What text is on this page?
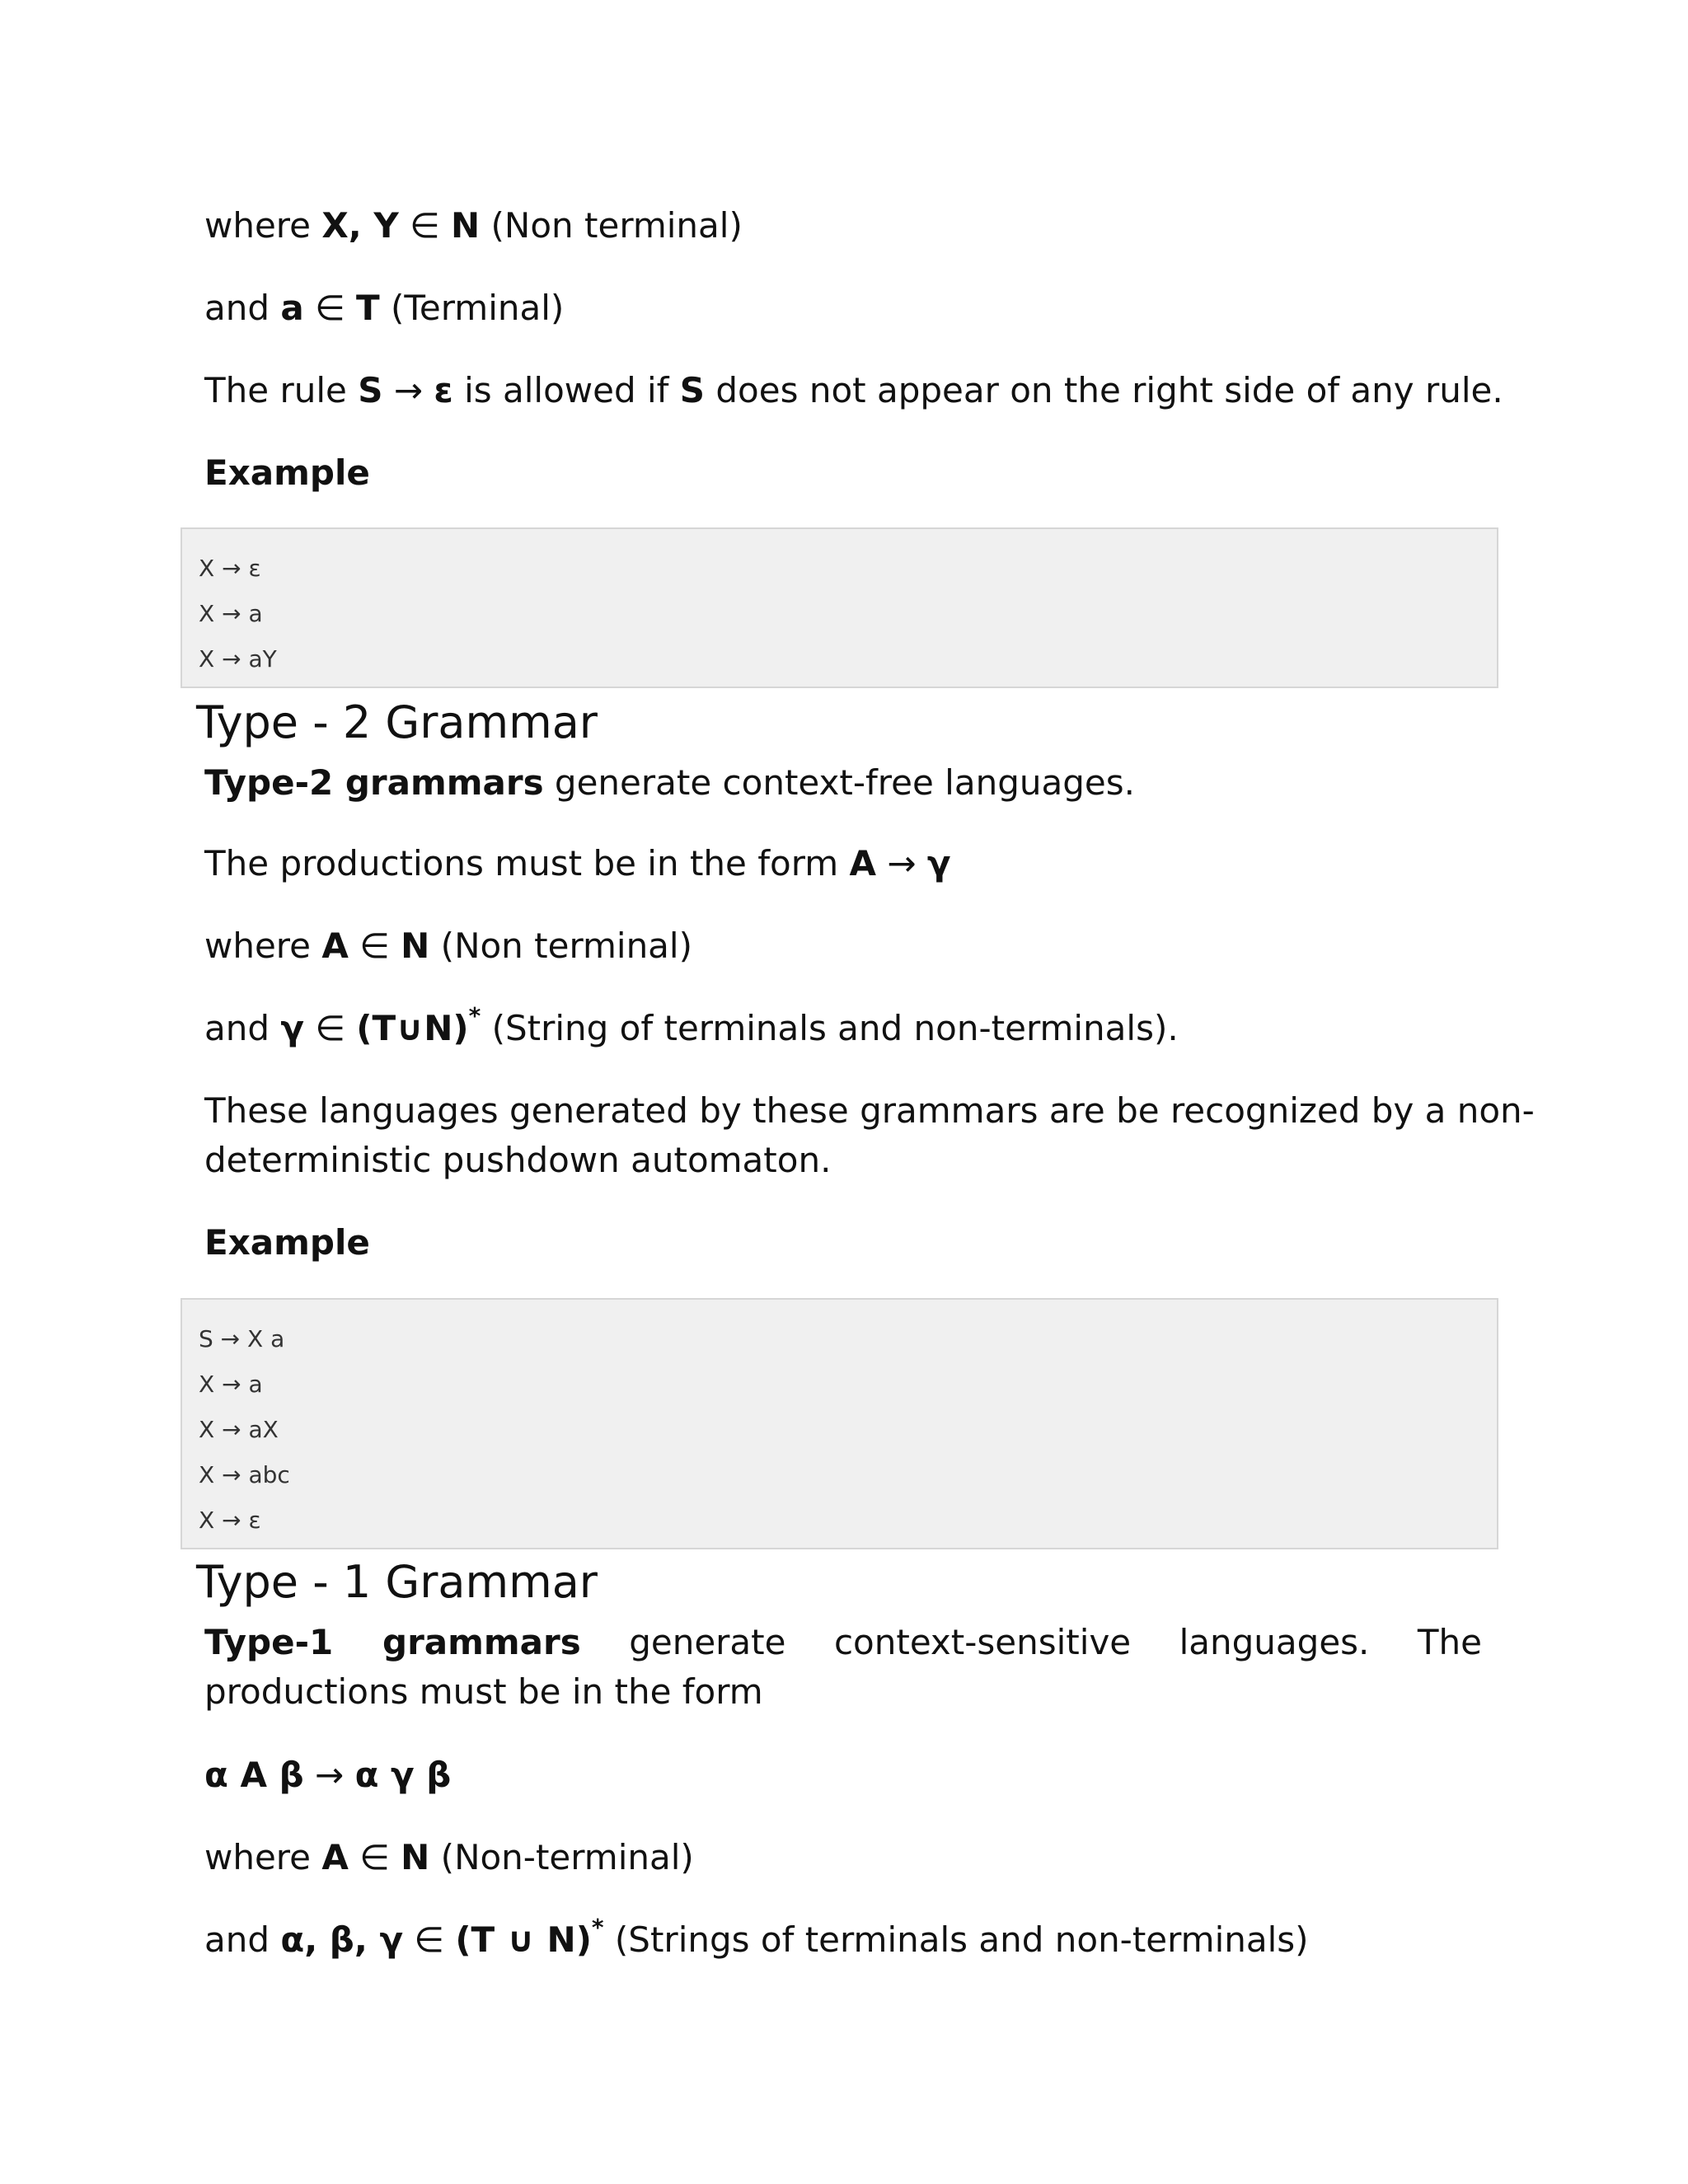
where X, Y ∈ N (Non terminal)
and a ∈ T (Terminal)
The rule S → ε is allowed if S does not appear on the right side of any rule.
Example
X → ε
X → a
X → aY
Type - 2 Grammar
Type-2 grammars generate context-free languages.
The productions must be in the form A → γ
where A ∈ N (Non terminal)
and γ ∈ (T∪N)* (String of terminals and non-terminals).
These languages generated by these grammars are be recognized by a non-
deterministic pushdown automaton.
Example
S → X a
X → a
X → aX
X → abc
X → ε
Type - 1 Grammar
Type-1 grammars generate context-sensitive languages. The productions must be in the form
α A β → α γ β
where A ∈ N (Non-terminal)
and α, β, γ ∈ (T ∪ N)* (Strings of terminals and non-terminals)
